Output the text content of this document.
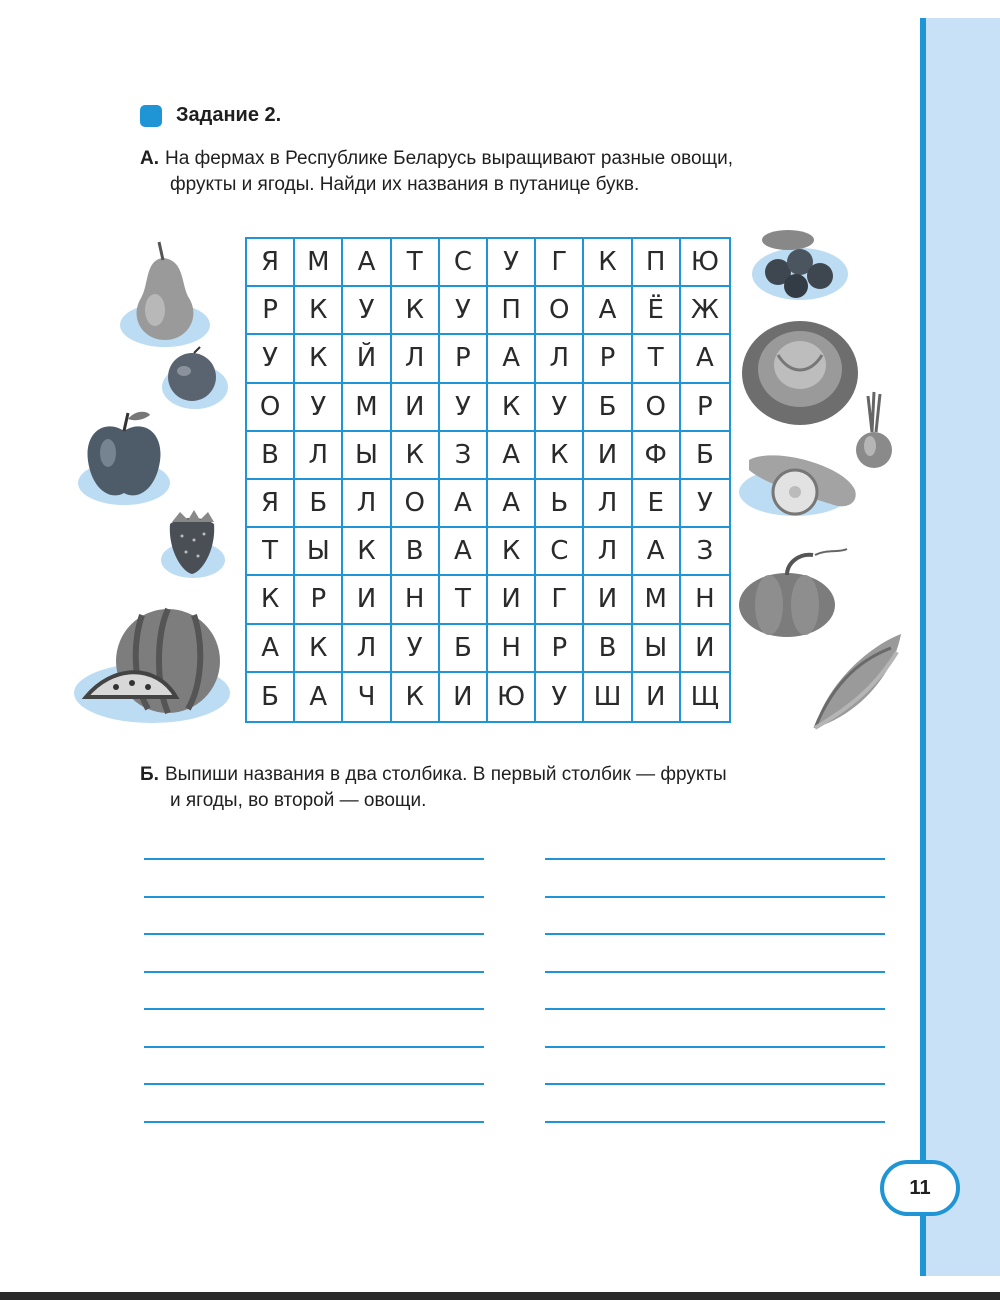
Задание 2.
А. На фермах в Республике Беларусь выращивают разные овощи,
фрукты и ягоды. Найди их названия в путанице букв.
Я	М	А	Т	С	У	Г	К	П Ю
Р	К	У	К	У	П	О	А	Ё	Ж
У	К	Й	Л	Р	А	Л	Р	Т	А
О	У	М	И	У	К	У	Б	О	Р
В	Л	Ы	К	З	А	К	И	Ф	Б
Я	Б	Л	О	А	А	Ь	Л	Е	У
Т	Ы	К	В	А	К	С	Л	А	З
К	Р	И	Н	Т	И	Г	И	М	Н
А	К	Л	У	Б	Н	Р	В	Ы	И
Б	А	Ч	К	И Ю	У	Ш И Щ
Б. Выпиши названия в два столбика. В первый столбик — фрукты
и ягоды, во второй — овощи.
11
